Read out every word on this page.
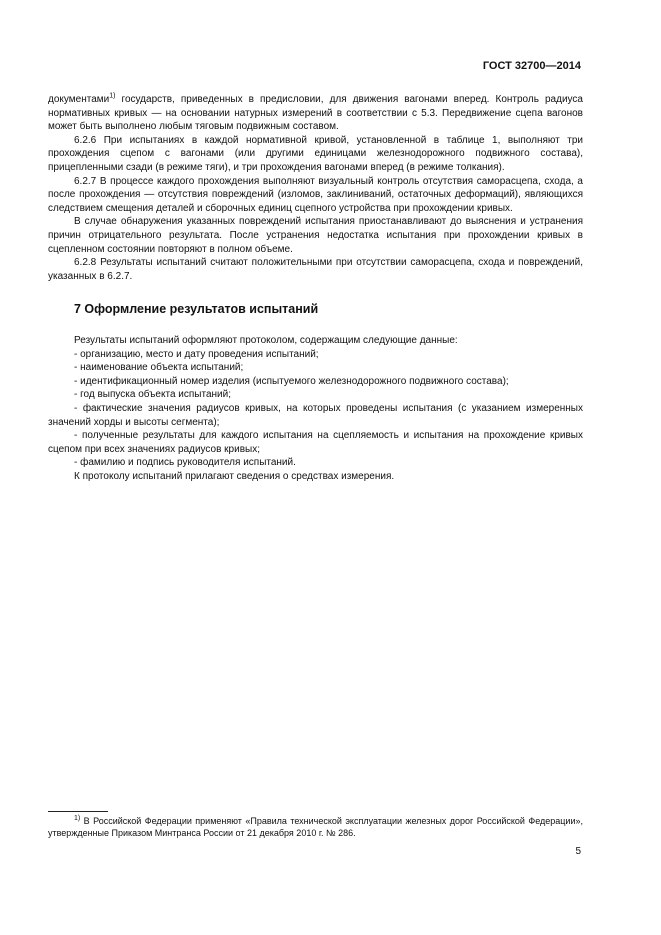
ГОСТ 32700—2014

документами$^{1)}$ государств, приведенных в предисловии, для движения вагонами вперед. Контроль радиуса нормативных кривых — на основании натурных измерений в соответствии с 5.3. Передвижение сцепа вагонов может быть выполнено любым тяговым подвижным составом.

6.2.6 При испытаниях в каждой нормативной кривой, установленной в таблице 1, выполняют три прохождения сцепом с вагонами (или другими единицами железнодорожного подвижного состава), прицепленными сзади (в режиме тяги), и три прохождения вагонами вперед (в режиме толкания).

6.2.7 В процессе каждого прохождения выполняют визуальный контроль отсутствия саморасцепа, схода, а после прохождения — отсутствия повреждений (изломов, заклиниваний, остаточных деформаций), являющихся следствием смещения деталей и сборочных единиц сцепного устройства при прохождении кривых.

В случае обнаружения указанных повреждений испытания приостанавливают до выяснения и устранения причин отрицательного результата. После устранения недостатка испытания при прохождении кривых в сцепленном состоянии повторяют в полном объеме.

6.2.8 Результаты испытаний считают положительными при отсутствии саморасцепа, схода и повреждений, указанных в 6.2.7.

7 Оформление результатов испытаний

Результаты испытаний оформляют протоколом, содержащим следующие данные:

- организацию, место и дату проведения испытаний;

- наименование объекта испытаний;

- идентификационный номер изделия (испытуемого железнодорожного подвижного состава);

- год выпуска объекта испытаний;

- фактические значения радиусов кривых, на которых проведены испытания (с указанием измеренных значений хорды и высоты сегмента);

- полученные результаты для каждого испытания на сцепляемость и испытания на прохождение кривых сцепом при всех значениях радиусов кривых;

- фамилию и подпись руководителя испытаний.

К протоколу испытаний прилагают сведения о средствах измерения.

$^{1)}$ В Российской Федерации применяют «Правила технической эксплуатации железных дорог Российской Федерации», утвержденные Приказом Минтранса России от 21 декабря 2010 г. № 286.

5
